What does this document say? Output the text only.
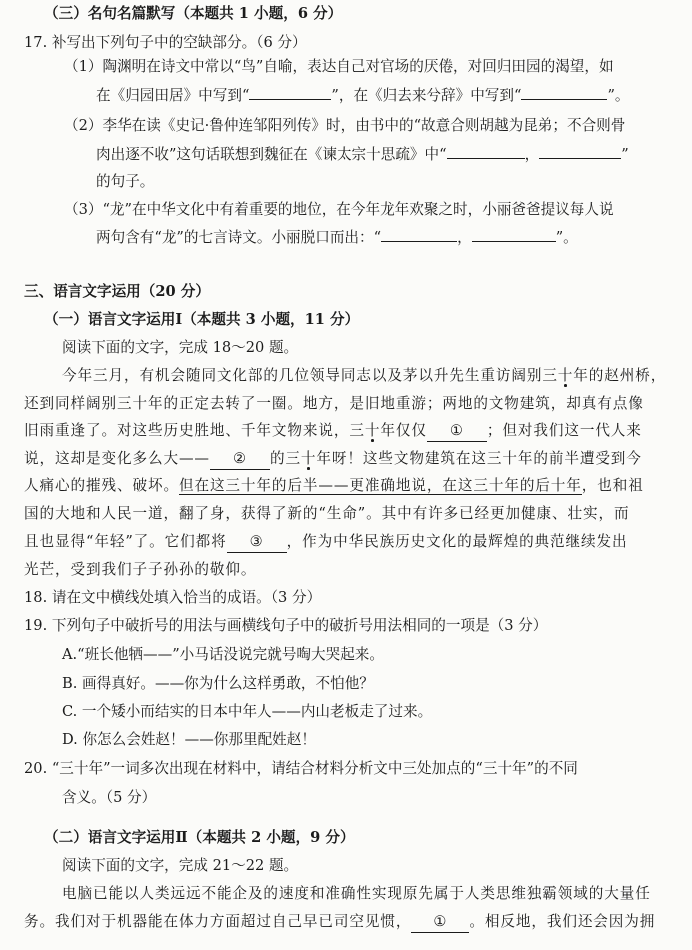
（三）名句名篇默写（本题共 1 小题，6 分）
17. 补写出下列句子中的空缺部分。（6 分）
（1）陶渊明在诗文中常以“鸟”自喻，表达自己对官场的厌倦，对回归田园的渴望，如
在《归园田居》中写到“	”，在《归去来兮辞》中写到“	”。
（2）李华在读《史记·鲁仲连邹阳列传》时，由书中的“故意合则胡越为昆弟；不合则骨
肉出逐不收”这句话联想到魏征在《谏太宗十思疏》中“	，	”
的句子。
（3）“龙”在中华文化中有着重要的地位，在今年龙年欢聚之时，小丽爸爸提议每人说
两句含有“龙”的七言诗文。小丽脱口而出：“	，	”。
三、语言文字运用（20 分）
（一）语言文字运用Ⅰ（本题共 3 小题，11 分）
阅读下面的文字，完成 18～20 题。
今年三月，有机会随同文化部的几位领导同志以及茅以升先生重访阔别三十年的赵州桥，
还到同样阔别三十年的正定去转了一圈。地方，是旧地重游；两地的文物建筑，却真有点像
旧雨重逢了。对这些历史胜地、千年文物来说，三十年仅仅 ① ；但对我们这一代人来
说，这却是变化多么大—— ② 的三十年呀！这些文物建筑在这三十年的前半遭受到今
人痛心的摧残、破坏。但在这三十年的后半——更准确地说，在这三十年的后十年，也和祖
国的大地和人民一道，翻了身，获得了新的“生命”。其中有许多已经更加健康、壮实，而
且也显得“年轻”了。它们都将 ③ ，作为中华民族历史文化的最辉煌的典范继续发出
光芒，受到我们子子孙孙的敬仰。
18. 请在文中横线处填入恰当的成语。（3 分）
19. 下列句子中破折号的用法与画横线句子中的破折号用法相同的一项是（3 分）
A.“班长他牺——”小马话没说完就号啕大哭起来。
B. 画得真好。——你为什么这样勇敢，不怕他？
C. 一个矮小而结实的日本中年人——内山老板走了过来。
D. 你怎么会姓赵！——你那里配姓赵！
20. “三十年”一词多次出现在材料中，请结合材料分析文中三处加点的“三十年”的不同
含义。（5 分）
（二）语言文字运用Ⅱ（本题共 2 小题，9 分）
阅读下面的文字，完成 21～22 题。
电脑已能以人类远远不能企及的速度和准确性实现原先属于人类思维独霸领域的大量任
务。我们对于机器能在体力方面超过自己早已司空见惯， ① 。相反地，我们还会因为拥
